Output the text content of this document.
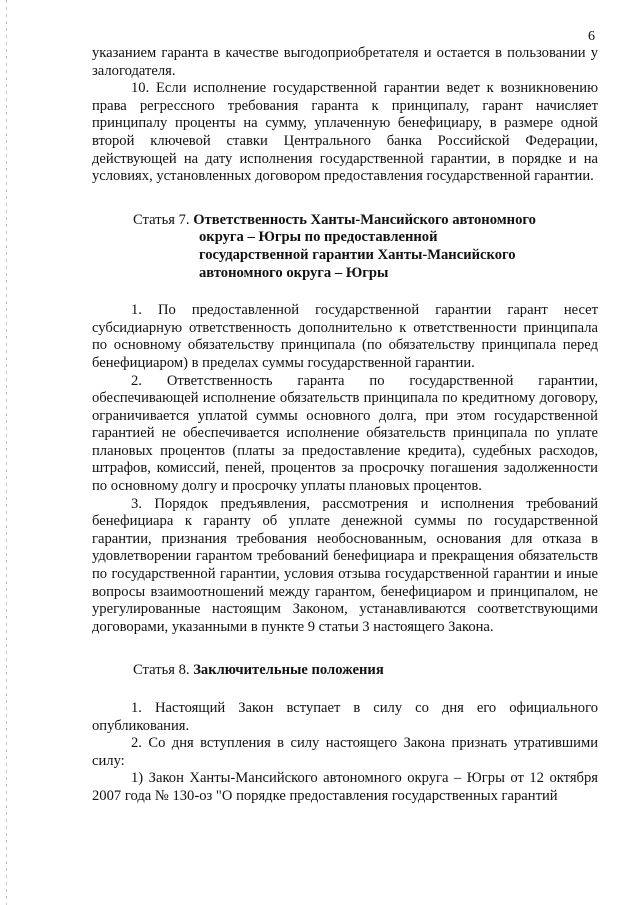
6

указанием гаранта в качестве выгодоприобретателя и остается в пользовании у залогодателя.

10. Если исполнение государственной гарантии ведет к возникновению права регрессного требования гаранта к принципалу, гарант начисляет принципалу проценты на сумму, уплаченную бенефициару, в размере одной второй ключевой ставки Центрального банка Российской Федерации, действующей на дату исполнения государственной гарантии, в порядке и на условиях, установленных договором предоставления государственной гарантии.

Статья 7. Ответственность Ханты-Мансийского автономного
округа – Югры по предоставленной
государственной гарантии Ханты-Мансийского
автономного округа – Югры

1. По предоставленной государственной гарантии гарант несет субсидиарную ответственность дополнительно к ответственности принципала по основному обязательству принципала (по обязательству принципала перед бенефициаром) в пределах суммы государственной гарантии.

2. Ответственность гаранта по государственной гарантии, обеспечивающей исполнение обязательств принципала по кредитному договору, ограничивается уплатой суммы основного долга, при этом государственной гарантией не обеспечивается исполнение обязательств принципала по уплате плановых процентов (платы за предоставление кредита), судебных расходов, штрафов, комиссий, пеней, процентов за просрочку погашения задолженности по основному долгу и просрочку уплаты плановых процентов.

3. Порядок предъявления, рассмотрения и исполнения требований бенефициара к гаранту об уплате денежной суммы по государственной гарантии, признания требования необоснованным, основания для отказа в удовлетворении гарантом требований бенефициара и прекращения обязательств по государственной гарантии, условия отзыва государственной гарантии и иные вопросы взаимоотношений между гарантом, бенефициаром и принципалом, не урегулированные настоящим Законом, устанавливаются соответствующими договорами, указанными в пункте 9 статьи 3 настоящего Закона.

Статья 8. Заключительные положения

1. Настоящий Закон вступает в силу со дня его официального опубликования.

2. Со дня вступления в силу настоящего Закона признать утратившими силу:

1) Закон Ханты-Мансийского автономного округа – Югры от 12 октября 2007 года № 130-оз "О порядке предоставления государственных гарантий
